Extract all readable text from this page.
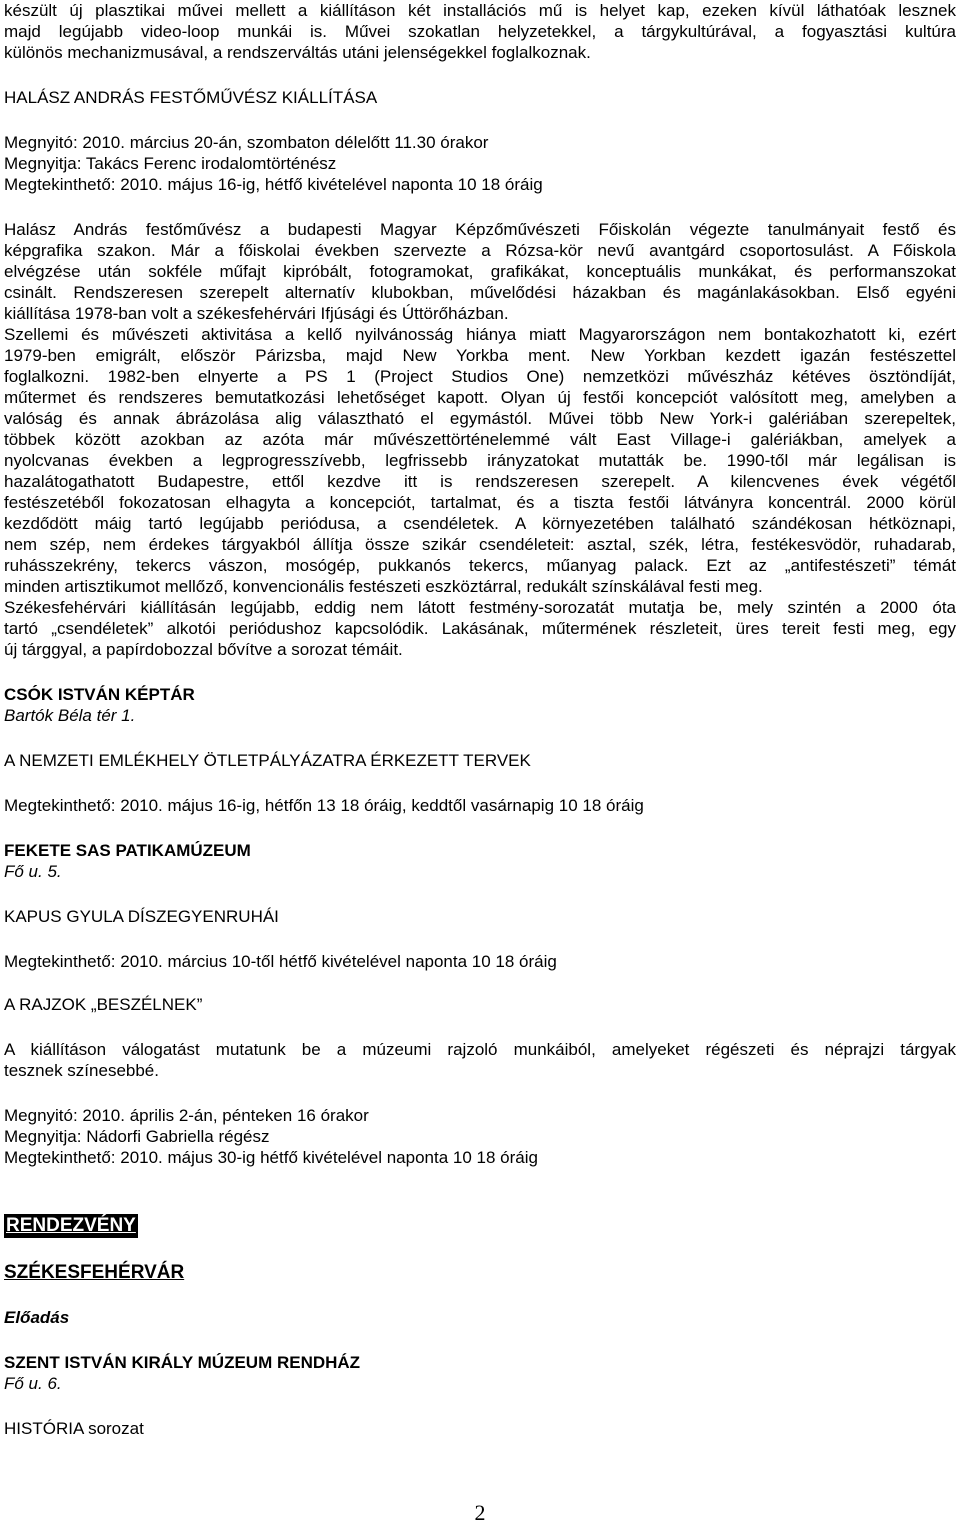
készült új plasztikai művei mellett a kiállításon két installációs mű is helyet kap, ezeken kívül láthatóak lesznek
majd legújabb video-loop munkái is. Művei szokatlan helyzetekkel, a tárgykultúrával, a fogyasztási kultúra
különös mechanizmusával, a rendszerváltás utáni jelenségekkel foglalkoznak.
HALÁSZ ANDRÁS FESTŐMŰVÉSZ KIÁLLÍTÁSA
Megnyitó: 2010. március 20-án, szombaton délelőtt 11.30 órakor
Megnyitja: Takács Ferenc irodalomtörténész
Megtekinthető: 2010. május 16-ig, hétfő kivételével naponta 10 18 óráig
Halász András festőművész a budapesti Magyar Képzőművészeti Főiskolán végezte tanulmányait festő és
képgrafika szakon. Már a főiskolai években szervezte a Rózsa-kör nevű avantgárd csoportosulást. A Főiskola
elvégzése után sokféle műfajt kipróbált, fotogramokat, grafikákat, konceptuális munkákat, és performanszokat
csinált. Rendszeresen szerepelt alternatív klubokban, művelődési házakban és magánlakásokban. Első egyéni
kiállítása 1978-ban volt a székesfehérvári Ifjúsági és Úttörőházban.
Szellemi és művészeti aktivitása a kellő nyilvánosság hiánya miatt Magyarországon nem bontakozhatott ki, ezért
1979-ben emigrált, először Párizsba, majd New Yorkba ment. New Yorkban kezdett igazán festészettel
foglalkozni. 1982-ben elnyerte a PS 1 (Project Studios One) nemzetközi művészház kétéves ösztöndíját,
műtermet és rendszeres bemutatkozási lehetőséget kapott. Olyan új festői koncepciót valósított meg, amelyben a
valóság és annak ábrázolása alig választható el egymástól. Művei több New York-i galériában szerepeltek,
többek között azokban az azóta már művészettörténelemmé vált East Village-i galériákban, amelyek a
nyolcvanas években a legprogresszívebb, legfrissebb irányzatokat mutatták be. 1990-től már legálisan is
hazalátogathatott Budapestre, ettől kezdve itt is rendszeresen szerepelt. A kilencvenes évek végétől
festészetéből fokozatosan elhagyta a koncepciót, tartalmat, és a tiszta festői látványra koncentrál. 2000 körül
kezdődött máig tartó legújabb periódusa, a csendéletek. A környezetében található szándékosan hétköznapi,
nem szép, nem érdekes tárgyakból állítja össze szikár csendéleteit: asztal, szék, létra, festékesvödör, ruhadarab,
ruhásszekrény, tekercs vászon, mosógép, pukkanós tekercs, műanyag palack. Ezt az „antifestészeti” témát
minden artisztikumot mellőző, konvencionális festészeti eszköztárral, redukált színskálával festi meg.
Székesfehérvári kiállításán legújabb, eddig nem látott festmény-sorozatát mutatja be, mely szintén a 2000 óta
tartó „csendéletek” alkotói periódushoz kapcsolódik. Lakásának, műtermének részleteit, üres tereit festi meg, egy
új tárggyal, a papírdobozzal bővítve a sorozat témáit.
CSÓK ISTVÁN KÉPTÁR
Bartók Béla tér 1.
A NEMZETI EMLÉKHELY ÖTLETPÁLYÁZATRA ÉRKEZETT TERVEK
Megtekinthető: 2010. május 16-ig, hétfőn 13 18 óráig, keddtől vasárnapig 10 18 óráig
FEKETE SAS PATIKAMÚZEUM
Fő u. 5.
KAPUS GYULA DÍSZEGYENRUHÁI
Megtekinthető: 2010. március 10-től hétfő kivételével naponta 10 18 óráig
A RAJZOK „BESZÉLNEK”
A kiállításon válogatást mutatunk be a múzeumi rajzoló munkáiból, amelyeket régészeti és néprajzi tárgyak
tesznek színesebbé.
Megnyitó: 2010. április 2-án, pénteken 16 órakor
Megnyitja: Nádorfi Gabriella régész
Megtekinthető: 2010. május 30-ig hétfő kivételével naponta 10 18 óráig
RENDEZVÉNY
SZÉKESFEHÉRVÁR
Előadás
SZENT ISTVÁN KIRÁLY MÚZEUM RENDHÁZ
Fő u. 6.
HISTÓRIA sorozat
2
